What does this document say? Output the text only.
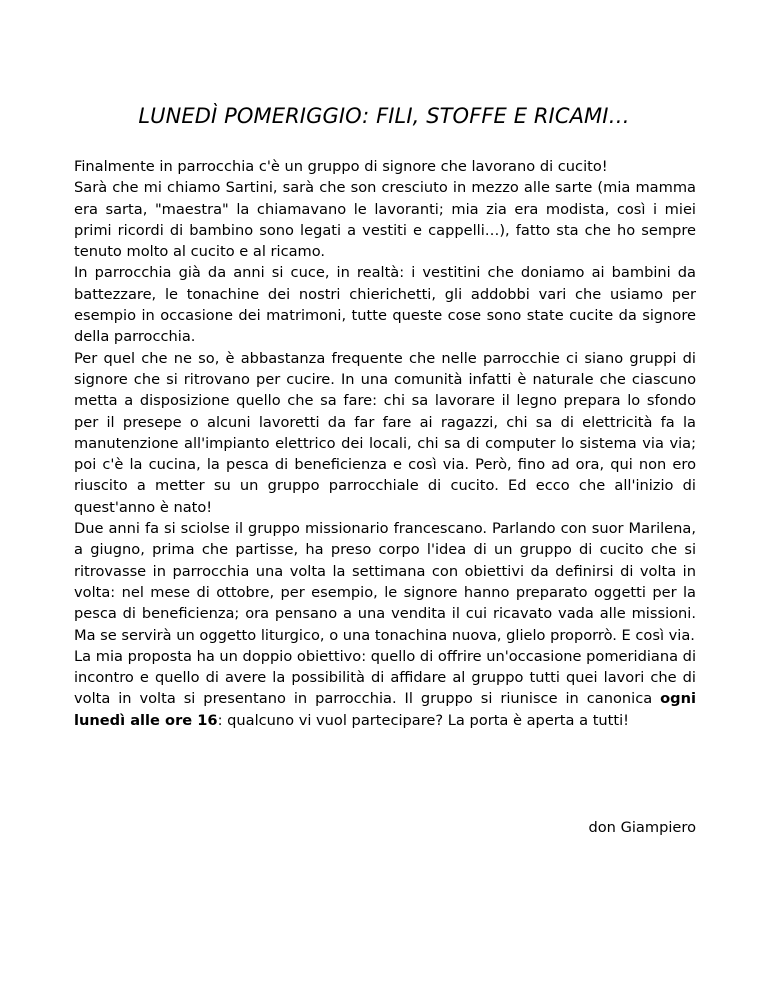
LUNEDÌ POMERIGGIO: FILI, STOFFE E RICAMI…

Finalmente in parrocchia c'è un gruppo di signore che lavorano di cucito!

Sarà che mi chiamo Sartini, sarà che son cresciuto in mezzo alle sarte (mia mamma era sarta, "maestra" la chiamavano le lavoranti; mia zia era modista, così i miei primi ricordi di bambino sono legati a vestiti e cappelli…), fatto sta che ho sempre tenuto molto al cucito e al ricamo.

In parrocchia già da anni si cuce, in realtà: i vestitini che doniamo ai bambini da battezzare, le tonachine dei nostri chierichetti, gli addobbi vari che usiamo per esempio in occasione dei matrimoni, tutte queste cose sono state cucite da signore della parrocchia.

Per quel che ne so, è abbastanza frequente che nelle parrocchie ci siano gruppi di signore che si ritrovano per cucire. In una comunità infatti è naturale che ciascuno metta a disposizione quello che sa fare: chi sa lavorare il legno prepara lo sfondo per il presepe o alcuni lavoretti da far fare ai ragazzi, chi sa di elettricità fa la manutenzione all'impianto elettrico dei locali, chi sa di computer lo sistema via via; poi c'è la cucina, la pesca di beneficienza e così via. Però, fino ad ora, qui non ero riuscito a metter su un gruppo parrocchiale di cucito. Ed ecco che all'inizio di quest'anno è nato!

Due anni fa si sciolse il gruppo missionario francescano. Parlando con suor Marilena, a giugno, prima che partisse, ha preso corpo l'idea di un gruppo di cucito che si ritrovasse in parrocchia una volta la settimana con obiettivi da definirsi di volta in volta: nel mese di ottobre, per esempio, le signore hanno preparato oggetti per la pesca di beneficienza; ora pensano a una vendita il cui ricavato vada alle missioni. Ma se servirà un oggetto liturgico, o una tonachina nuova, glielo proporrò. E così via.

La mia proposta ha un doppio obiettivo: quello di offrire un'occasione pomeridiana di incontro e quello di avere la possibilità di affidare al gruppo tutti quei lavori che di volta in volta si presentano in parrocchia. Il gruppo si riunisce in canonica ogni lunedì alle ore 16: qualcuno vi vuol partecipare? La porta è aperta a tutti!

don Giampiero
